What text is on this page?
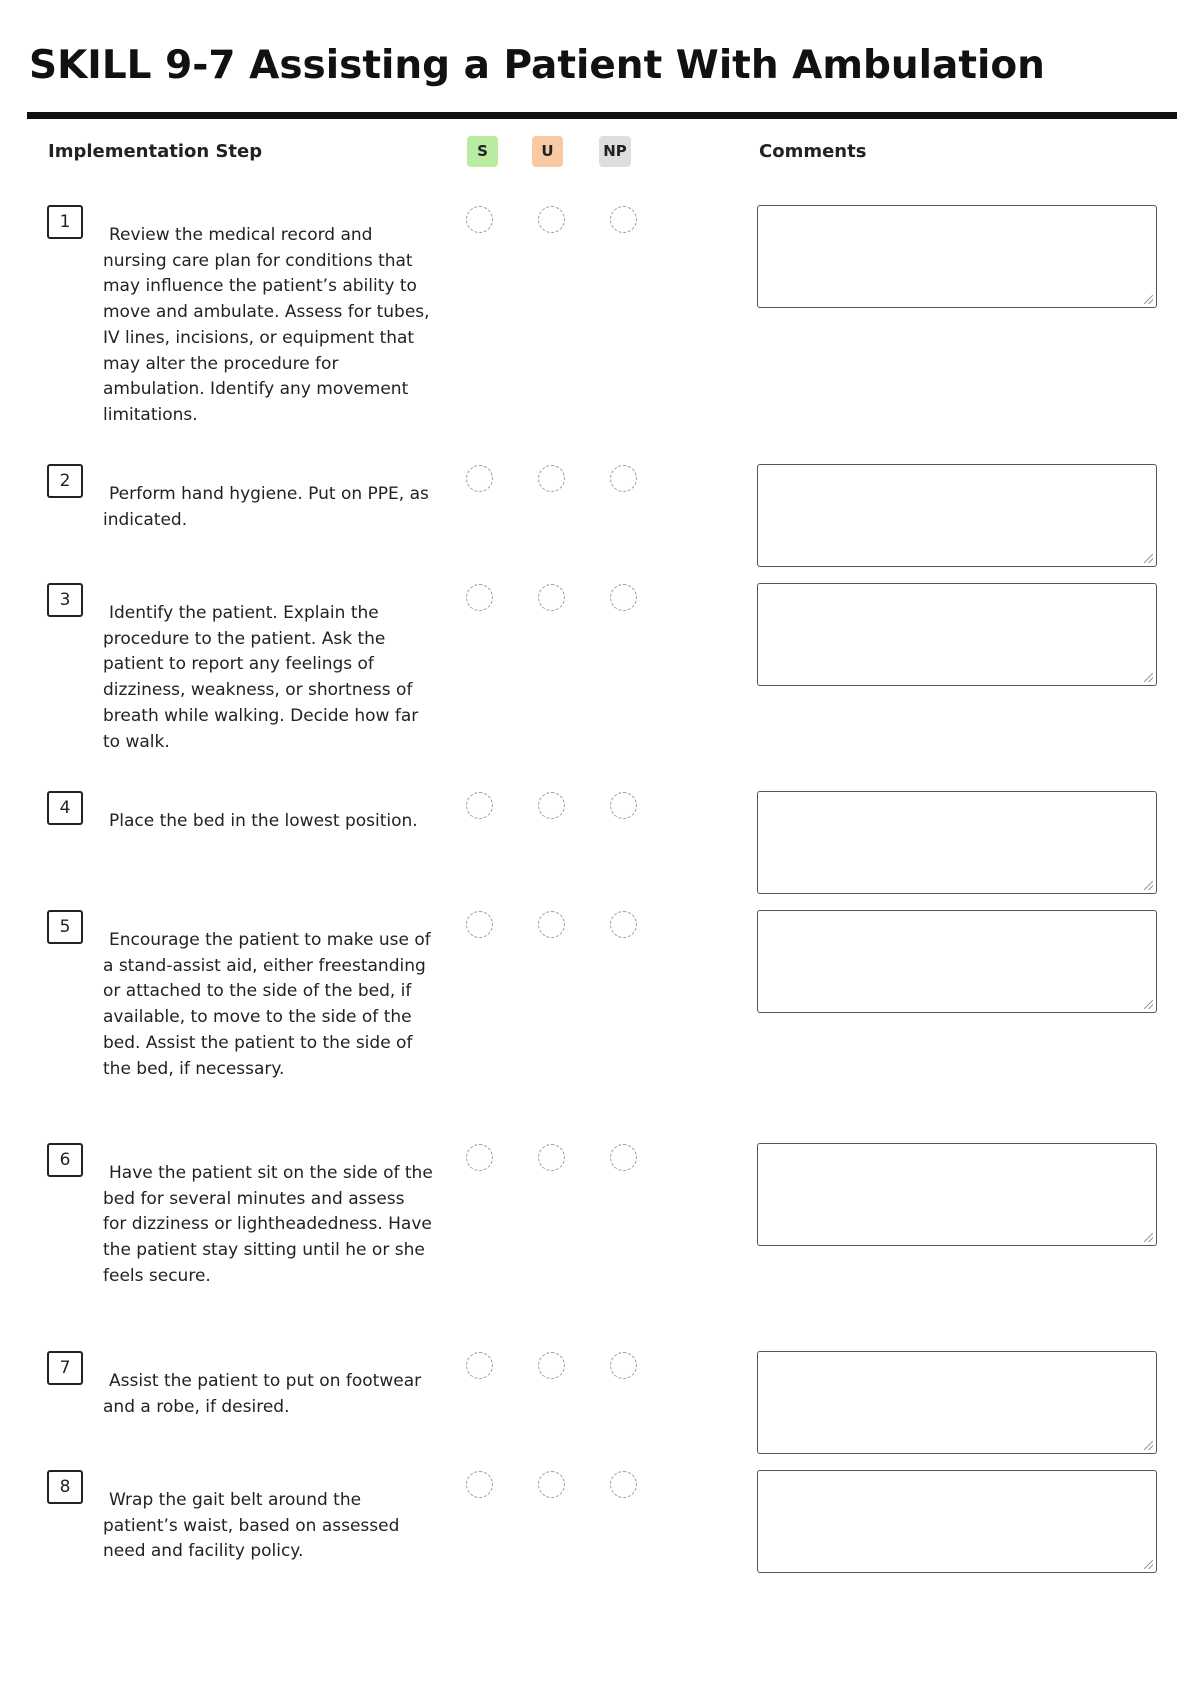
SKILL 9-7 Assisting a Patient With Ambulation
Implementation Step	S	U	NP	Comments
1

Review the medical record and nursing care plan for conditions that may influence the patient’s ability to move and ambulate. Assess for tubes, IV lines, incisions, or equipment that may alter the procedure for ambulation. Identify any movement limitations.

2

Perform hand hygiene. Put on PPE, as indicated.

3

Identify the patient. Explain the procedure to the patient. Ask the patient to report any feelings of dizziness, weakness, or shortness of breath while walking. Decide how far to walk.

4

Place the bed in the lowest position.

5

Encourage the patient to make use of a stand-assist aid, either freestanding or attached to the side of the bed, if available, to move to the side of the bed. Assist the patient to the side of the bed, if necessary.

6

Have the patient sit on the side of the bed for several minutes and assess for dizziness or lightheadedness. Have the patient stay sitting until he or she feels secure.

7

Assist the patient to put on footwear and a robe, if desired.

8

Wrap the gait belt around the patient’s waist, based on assessed need and facility policy.
